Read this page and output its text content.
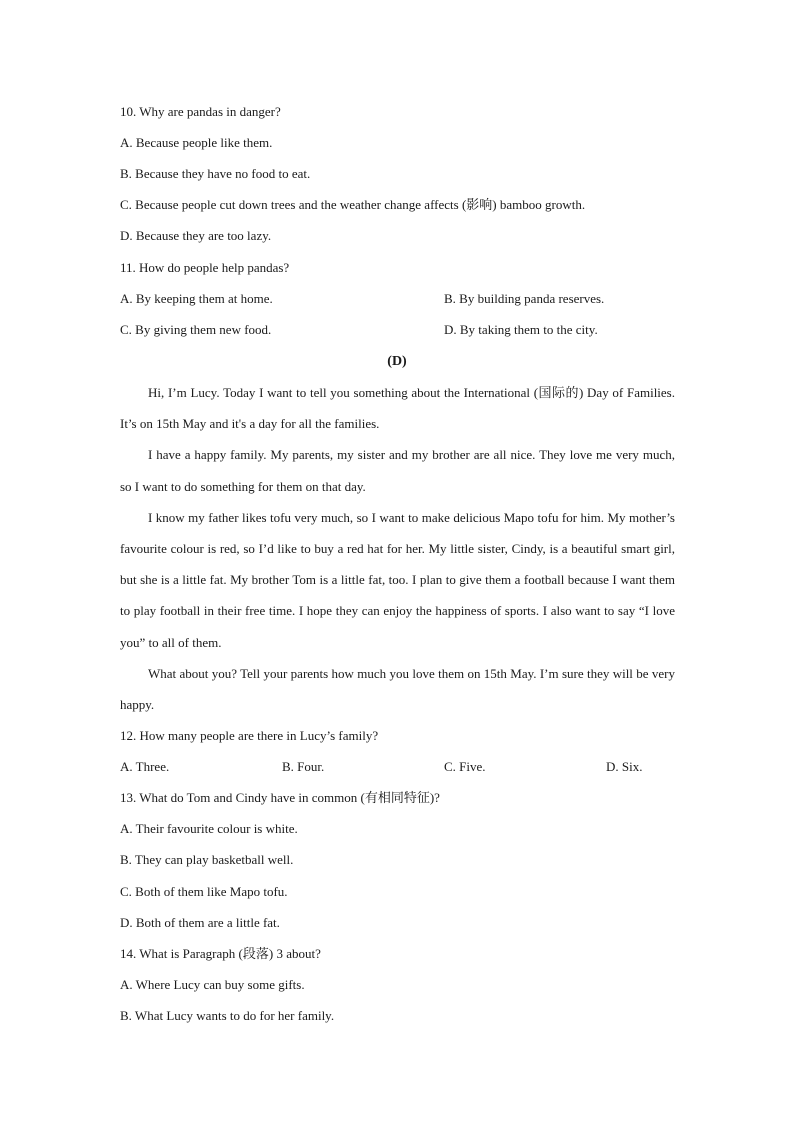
10. Why are pandas in danger?

A. Because people like them.

B. Because they have no food to eat.

C. Because people cut down trees and the weather change affects (影响) bamboo growth.

D. Because they are too lazy.

11. How do people help pandas?

A. By keeping them at home.	B. By building panda reserves.

C. By giving them new food.	D. By taking them to the city.

(D)

Hi, I’m Lucy. Today I want to tell you something about the International (国际的) Day of Families. It’s on 15th May and it's a day for all the families.

I have a happy family. My parents, my sister and my brother are all nice. They love me very much, so I want to do something for them on that day.

I know my father likes tofu very much, so I want to make delicious Mapo tofu for him. My mother’s favourite colour is red, so I’d like to buy a red hat for her. My little sister, Cindy, is a beautiful smart girl, but she is a little fat. My brother Tom is a little fat, too. I plan to give them a football because I want them to play football in their free time. I hope they can enjoy the happiness of sports. I also want to say “I love you” to all of them.

What about you? Tell your parents how much you love them on 15th May. I’m sure they will be very happy.

12. How many people are there in Lucy’s family?

A. Three.	B. Four.	C. Five.	D. Six.

13. What do Tom and Cindy have in common (有相同特征)?

A. Their favourite colour is white.

B. They can play basketball well.

C. Both of them like Mapo tofu.

D. Both of them are a little fat.

14. What is Paragraph (段落) 3 about?

A. Where Lucy can buy some gifts.

B. What Lucy wants to do for her family.
